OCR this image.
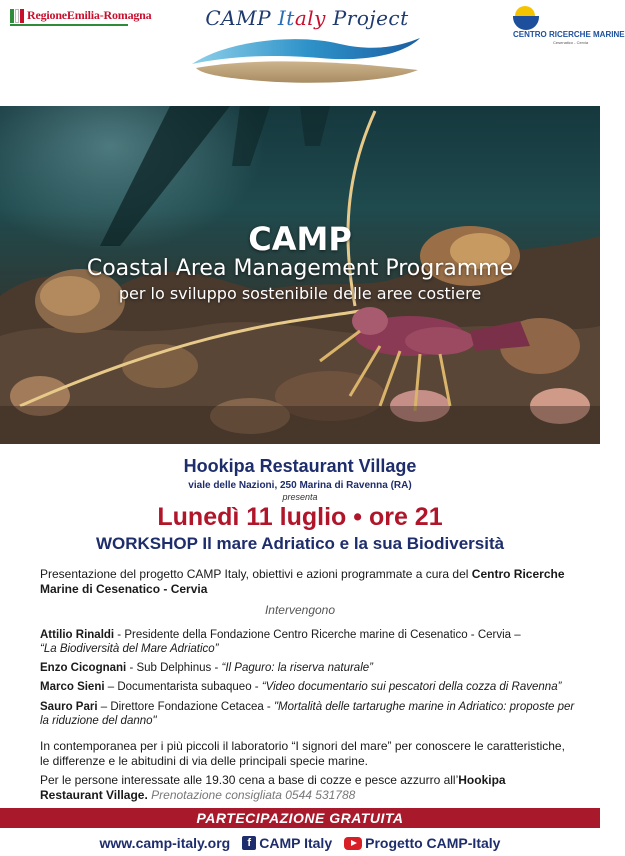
RegioneEmilia-Romagna	CAMP Italy Project
CENTRO RICERCHE MARINE
Cesenatico - Cervia
CAMP
Coastal Area Management Programme
per lo sviluppo sostenibile delle aree costiere
Hookipa Restaurant Village
viale delle Nazioni, 250 Marina di Ravenna (RA)
presenta
Lunedì 11 luglio • ore 21
WORKSHOP Il mare Adriatico e la sua Biodiversità
Presentazione del progetto CAMP Italy, obiettivi e azioni programmate a cura del Centro Ricerche Marine di Cesenatico - Cervia
Intervengono
Attilio Rinaldi - Presidente della Fondazione Centro Ricerche marine di Cesenatico - Cervia –
“La Biodiversità del Mare Adriatico”
Enzo Cicognani - Sub Delphinus - “Il Paguro: la riserva naturale”
Marco Sieni – Documentarista subaqueo - “Video documentario sui pescatori della cozza di Ravenna”
Sauro Pari – Direttore Fondazione Cetacea - "Mortalità delle tartarughe marine in Adriatico: proposte per la riduzione del danno"
In contemporanea per i più piccoli il laboratorio “I signori del mare” per conoscere le caratteristiche, le differenze e le abitudini di via delle principali specie marine.
Per le persone interessate alle 19.30 cena a base di cozze e pesce azzurro all’Hookipa Restaurant Village. Prenotazione consigliata 0544 531788
PARTECIPAZIONE GRATUITA
www.camp-italy.org	f CAMP Italy Progetto CAMP-Italy
